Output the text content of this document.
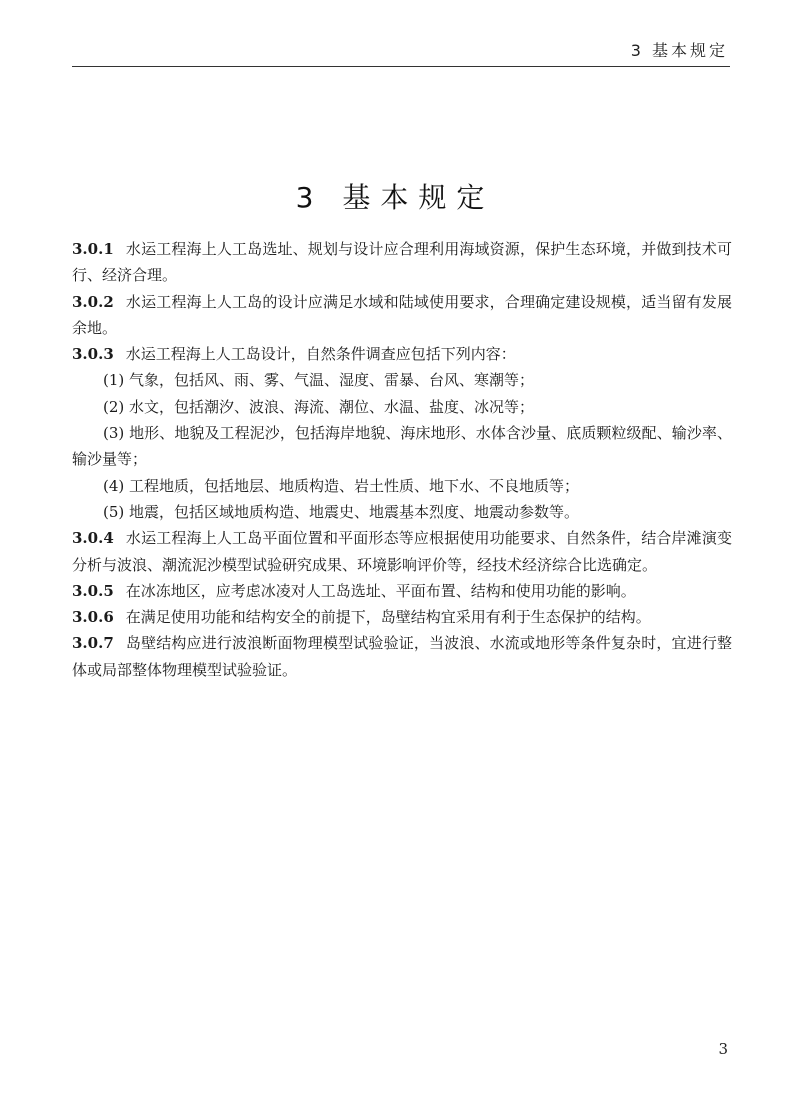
3 基本规定
3 基本规定

3.0.1 水运工程海上人工岛选址、规划与设计应合理利用海域资源，保护生态环境，并做到技术可行、经济合理。

3.0.2 水运工程海上人工岛的设计应满足水域和陆域使用要求，合理确定建设规模，适当留有发展余地。

3.0.3 水运工程海上人工岛设计，自然条件调查应包括下列内容：

(1) 气象，包括风、雨、雾、气温、湿度、雷暴、台风、寒潮等；

(2) 水文，包括潮汐、波浪、海流、潮位、水温、盐度、冰况等；

(3) 地形、地貌及工程泥沙，包括海岸地貌、海床地形、水体含沙量、底质颗粒级配、输沙率、输沙量等；

(4) 工程地质，包括地层、地质构造、岩土性质、地下水、不良地质等；

(5) 地震，包括区域地质构造、地震史、地震基本烈度、地震动参数等。

3.0.4 水运工程海上人工岛平面位置和平面形态等应根据使用功能要求、自然条件，结合岸滩演变分析与波浪、潮流泥沙模型试验研究成果、环境影响评价等，经技术经济综合比选确定。

3.0.5 在冰冻地区，应考虑冰凌对人工岛选址、平面布置、结构和使用功能的影响。

3.0.6 在满足使用功能和结构安全的前提下，岛壁结构宜采用有利于生态保护的结构。

3.0.7 岛壁结构应进行波浪断面物理模型试验验证，当波浪、水流或地形等条件复杂时，宜进行整体或局部整体物理模型试验验证。

3
